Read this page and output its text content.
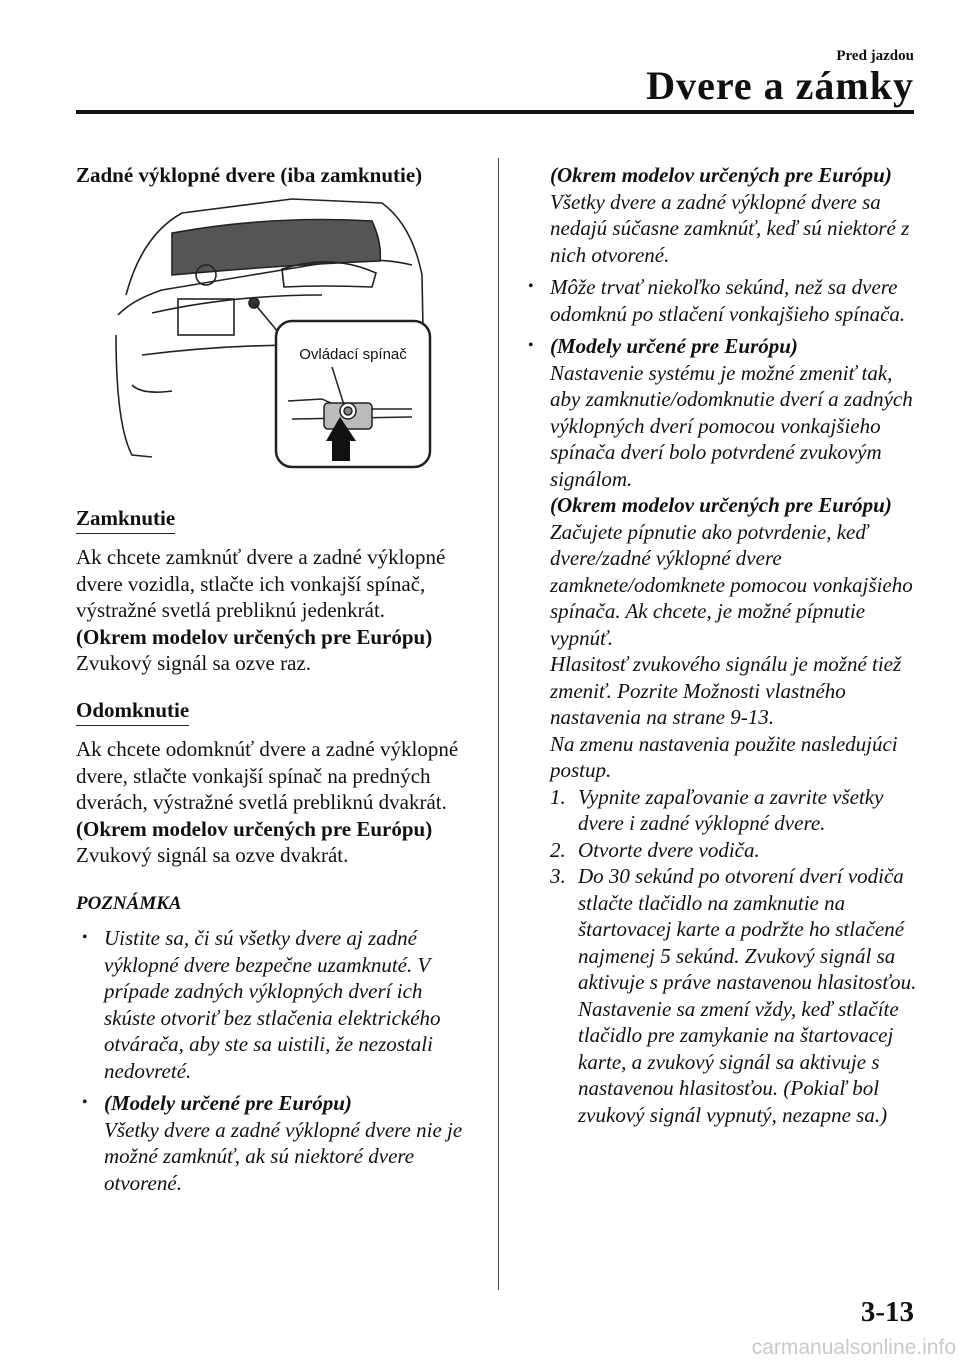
Pred jazdou
Dvere a zámky
Zadné výklopné dvere (iba zamknutie)
Ovládací spínač
Zamknutie

Ak chcete zamknúť dvere a zadné výklopné dvere vozidla, stlačte ich vonkajší spínač, výstražné svetlá prebliknú jedenkrát.

(Okrem modelov určených pre Európu)

Zvukový signál sa ozve raz.

Odomknutie

Ak chcete odomknúť dvere a zadné výklopné dvere, stlačte vonkajší spínač na predných dverách, výstražné svetlá prebliknú dvakrát.

(Okrem modelov určených pre Európu)

Zvukový signál sa ozve dvakrát.

POZNÁMKA
• Uistite sa, či sú všetky dvere aj zadné výklopné dvere bezpečne uzamknuté. V prípade zadných výklopných dverí ich skúste otvoriť bez stlačenia elektrického otvárača, aby ste sa uistili, že nezostali nedovreté.
• (Modely určené pre Európu)
Všetky dvere a zadné výklopné dvere nie je možné zamknúť, ak sú niektoré dvere otvorené.
(Okrem modelov určených pre Európu)
Všetky dvere a zadné výklopné dvere sa nedajú súčasne zamknúť, keď sú niektoré z nich otvorené.
• Môže trvať niekoľko sekúnd, než sa dvere odomknú po stlačení vonkajšieho spínača.
• (Modely určené pre Európu)
Nastavenie systému je možné zmeniť tak, aby zamknutie/odomknutie dverí a zadných výklopných dverí pomocou vonkajšieho spínača dverí bolo potvrdené zvukovým signálom.
(Okrem modelov určených pre Európu)
Začujete pípnutie ako potvrdenie, keď dvere/zadné výklopné dvere zamknete/odomknete pomocou vonkajšieho spínača. Ak chcete, je možné pípnutie vypnúť.
Hlasitosť zvukového signálu je možné tiež zmeniť. Pozrite Možnosti vlastného nastavenia na strane 9-13.
Na zmenu nastavenia použite nasledujúci postup.
1. Vypnite zapaľovanie a zavrite všetky dvere i zadné výklopné dvere.
2. Otvorte dvere vodiča.
3. Do 30 sekúnd po otvorení dverí vodiča stlačte tlačidlo na zamknutie na štartovacej karte a podržte ho stlačené najmenej 5 sekúnd. Zvukový signál sa aktivuje s práve nastavenou hlasitosťou. Nastavenie sa zmení vždy, keď stlačíte tlačidlo pre zamykanie na štartovacej karte, a zvukový signál sa aktivuje s nastavenou hlasitosťou. (Pokiaľ bol zvukový signál vypnutý, nezapne sa.)
3-13
carmanualsonline.info
